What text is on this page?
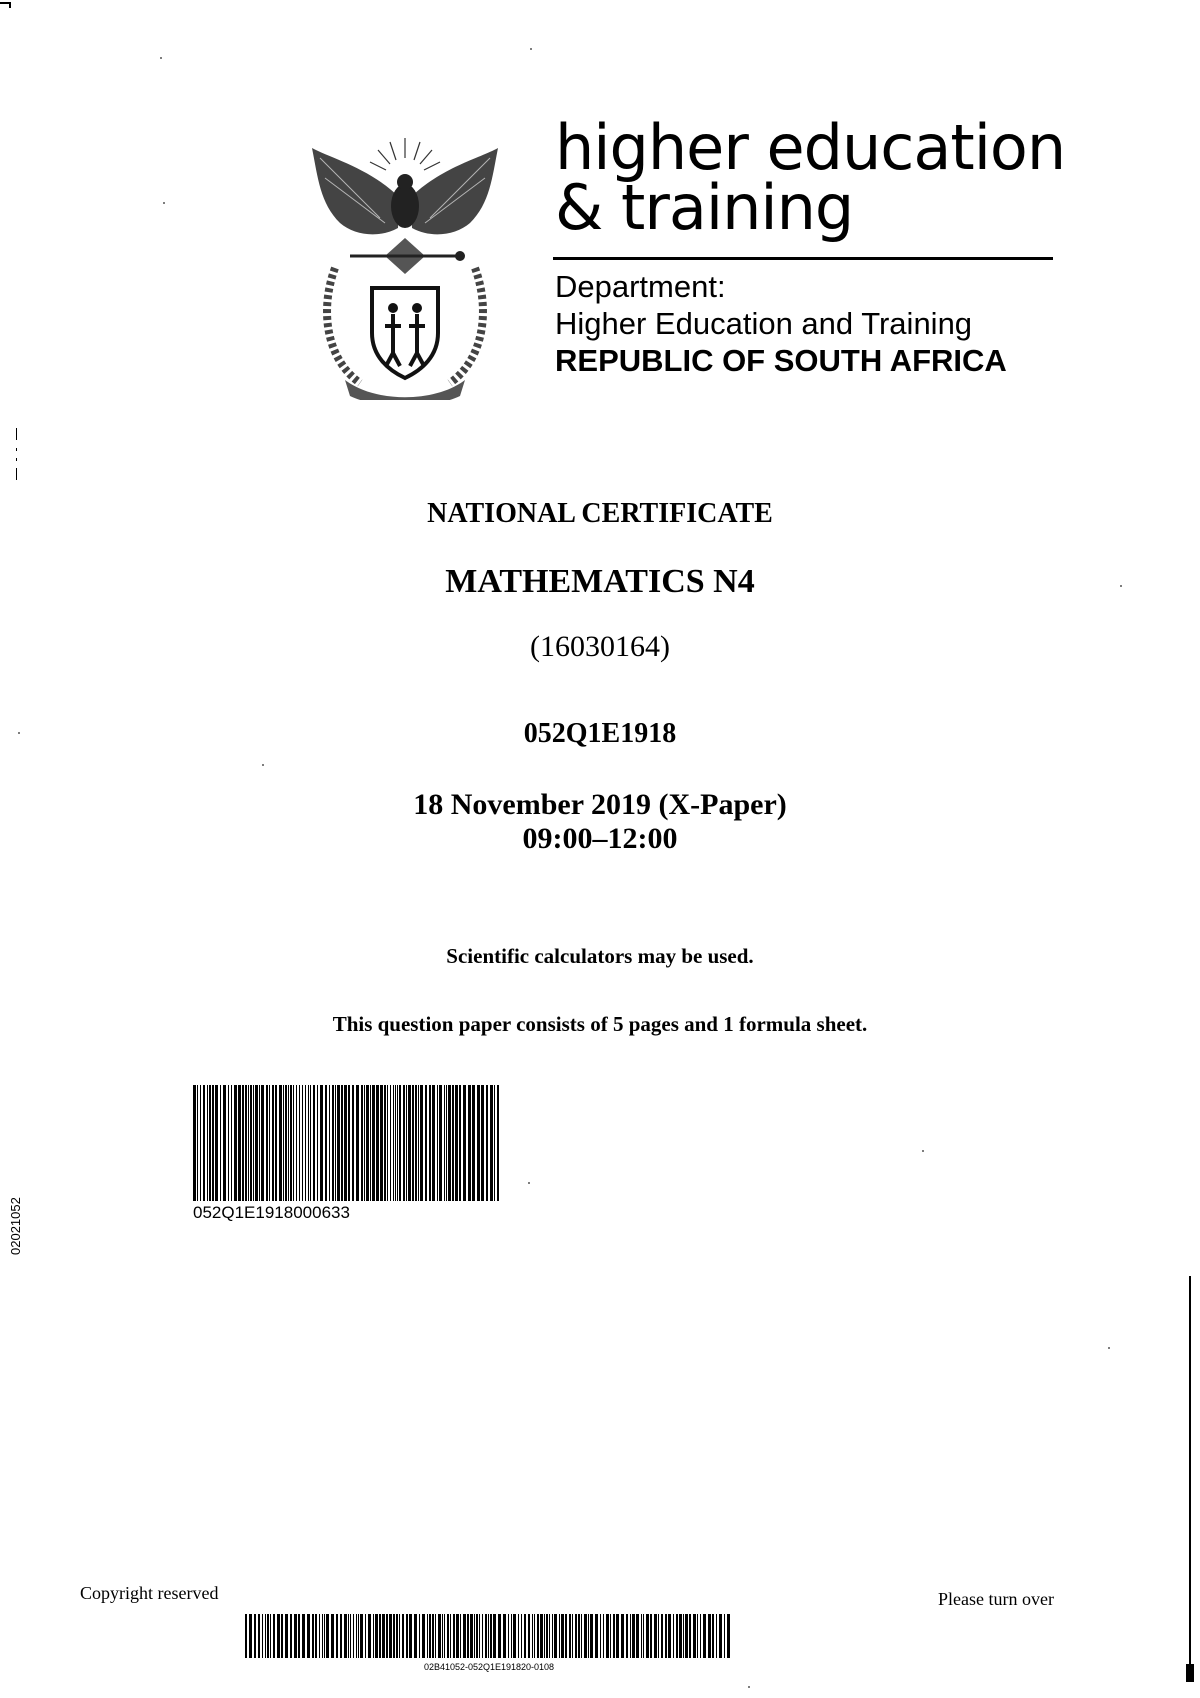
02021052
higher education
& training
Department:
Higher Education and Training
REPUBLIC OF SOUTH AFRICA
NATIONAL CERTIFICATE
MATHEMATICS N4
(16030164)
052Q1E1918
18 November 2019 (X-Paper)
09:00–12:00
Scientific calculators may be used.
This question paper consists of 5 pages and 1 formula sheet.
052Q1E1918000633
Copyright reserved	Please turn over
02B41052-052Q1E191820-0108
